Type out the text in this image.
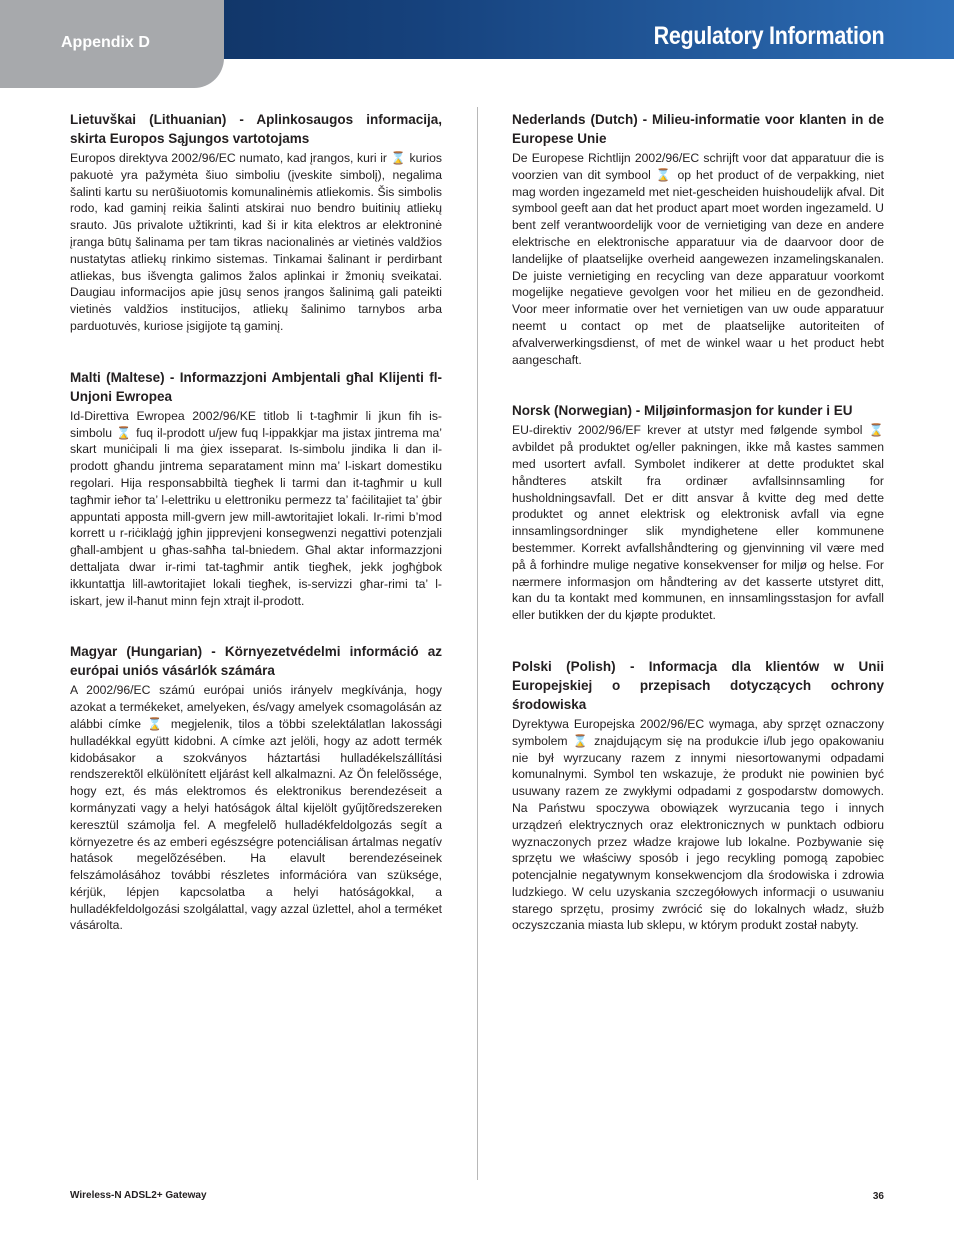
Appendix D	Regulatory Information
Lietuvškai (Lithuanian) - Aplinkosaugos informacija, skirta Europos Sąjungos vartotojams

Europos direktyva 2002/96/EC numato, kad įrangos, kuri ir ⌛ kurios pakuotė yra pažymėta šiuo simboliu (įveskite simbolį), negalima šalinti kartu su nerūšiuotomis komunalinėmis atliekomis. Šis simbolis rodo, kad gaminį reikia šalinti atskirai nuo bendro buitinių atliekų srauto. Jūs privalote užtikrinti, kad ši ir kita elektros ar elektroninė įranga būtų šalinama per tam tikras nacionalinės ar vietinės valdžios nustatytas atliekų rinkimo sistemas. Tinkamai šalinant ir perdirbant atliekas, bus išvengta galimos žalos aplinkai ir žmonių sveikatai. Daugiau informacijos apie jūsų senos įrangos šalinimą gali pateikti vietinės valdžios institucijos, atliekų šalinimo tarnybos arba parduotuvės, kuriose įsigijote tą gaminį.

Malti (Maltese) - Informazzjoni Ambjentali għal Klijenti fl-Unjoni Ewropea

Id-Direttiva Ewropea 2002/96/KE titlob li t-tagħmir li jkun fih is-simbolu ⌛ fuq il-prodott u/jew fuq l-ippakkjar ma jistax jintrema ma’ skart muniċipali li ma ġiex isseparat. Is-simbolu jindika li dan il-prodott għandu jintrema separatament minn ma’ l-iskart domestiku regolari. Hija responsabbiltà tiegħek li tarmi dan it-tagħmir u kull tagħmir ieħor ta’ l-elettriku u elettroniku permezz ta’ faċilitajiet ta’ ġbir appuntati apposta mill-gvern jew mill-awtoritajiet lokali. Ir-rimi b’mod korrett u r-riċiklaġġ jgħin jipprevjeni konsegwenzi negattivi potenzjali għall-ambjent u għas-saħħa tal-bniedem. Għal aktar informazzjoni dettaljata dwar ir-rimi tat-tagħmir antik tiegħek, jekk jogħġbok ikkuntattja lill-awtoritajiet lokali tiegħek, is-servizzi għar-rimi ta’ l-iskart, jew il-ħanut minn fejn xtrajt il-prodott.

Magyar (Hungarian) - Környezetvédelmi információ az európai uniós vásárlók számára

A 2002/96/EC számú európai uniós irányelv megkívánja, hogy azokat a termékeket, amelyeken, és/vagy amelyek csomagolásán az alábbi címke ⌛ megjelenik, tilos a többi szelektálatlan lakossági hulladékkal együtt kidobni. A címke azt jelöli, hogy az adott termék kidobásakor a szokványos háztartási hulladékelszállítási rendszerektõl elkülönített eljárást kell alkalmazni. Az Ön felelõssége, hogy ezt, és más elektromos és elektronikus berendezéseit a kormányzati vagy a helyi hatóságok által kijelölt gyűjtõredszereken keresztül számolja fel. A megfelelõ hulladékfeldolgozás segít a környezetre és az emberi egészségre potenciálisan ártalmas negatív hatások megelõzésében. Ha elavult berendezéseinek felszámolásához további részletes információra van szüksége, kérjük, lépjen kapcsolatba a helyi hatóságokkal, a hulladékfeldolgozási szolgálattal, vagy azzal üzlettel, ahol a terméket vásárolta.

Nederlands (Dutch) - Milieu-informatie voor klanten in de Europese Unie

De Europese Richtlijn 2002/96/EC schrijft voor dat apparatuur die is voorzien van dit symbool ⌛ op het product of de verpakking, niet mag worden ingezameld met niet-gescheiden huishoudelijk afval. Dit symbool geeft aan dat het product apart moet worden ingezameld. U bent zelf verantwoordelijk voor de vernietiging van deze en andere elektrische en elektronische apparatuur via de daarvoor door de landelijke of plaatselijke overheid aangewezen inzamelingskanalen. De juiste vernietiging en recycling van deze apparatuur voorkomt mogelijke negatieve gevolgen voor het milieu en de gezondheid. Voor meer informatie over het vernietigen van uw oude apparatuur neemt u contact op met de plaatselijke autoriteiten of afvalverwerkingsdienst, of met de winkel waar u het product hebt aangeschaft.

Norsk (Norwegian) - Miljøinformasjon for kunder i EU

EU-direktiv 2002/96/EF krever at utstyr med følgende symbol ⌛ avbildet på produktet og/eller pakningen, ikke må kastes sammen med usortert avfall. Symbolet indikerer at dette produktet skal håndteres atskilt fra ordinær avfallsinnsamling for husholdningsavfall. Det er ditt ansvar å kvitte deg med dette produktet og annet elektrisk og elektronisk avfall via egne innsamlingsordninger slik myndighetene eller kommunene bestemmer. Korrekt avfallshåndtering og gjenvinning vil være med på å forhindre mulige negative konsekvenser for miljø og helse. For nærmere informasjon om håndtering av det kasserte utstyret ditt, kan du ta kontakt med kommunen, en innsamlingsstasjon for avfall eller butikken der du kjøpte produktet.

Polski (Polish) - Informacja dla klientów w Unii Europejskiej o przepisach dotyczących ochrony środowiska

Dyrektywa Europejska 2002/96/EC wymaga, aby sprzęt oznaczony symbolem ⌛ znajdującym się na produkcie i/lub jego opakowaniu nie był wyrzucany razem z innymi niesortowanymi odpadami komunalnymi. Symbol ten wskazuje, że produkt nie powinien być usuwany razem ze zwykłymi odpadami z gospodarstw domowych. Na Państwu spoczywa obowiązek wyrzucania tego i innych urządzeń elektrycznych oraz elektronicznych w punktach odbioru wyznaczonych przez władze krajowe lub lokalne. Pozbywanie się sprzętu we właściwy sposób i jego recykling pomogą zapobiec potencjalnie negatywnym konsekwencjom dla środowiska i zdrowia ludzkiego. W celu uzyskania szczegółowych informacji o usuwaniu starego sprzętu, prosimy zwrócić się do lokalnych władz, służb oczyszczania miasta lub sklepu, w którym produkt został nabyty.

Wireless-N ADSL2+ Gateway	36
